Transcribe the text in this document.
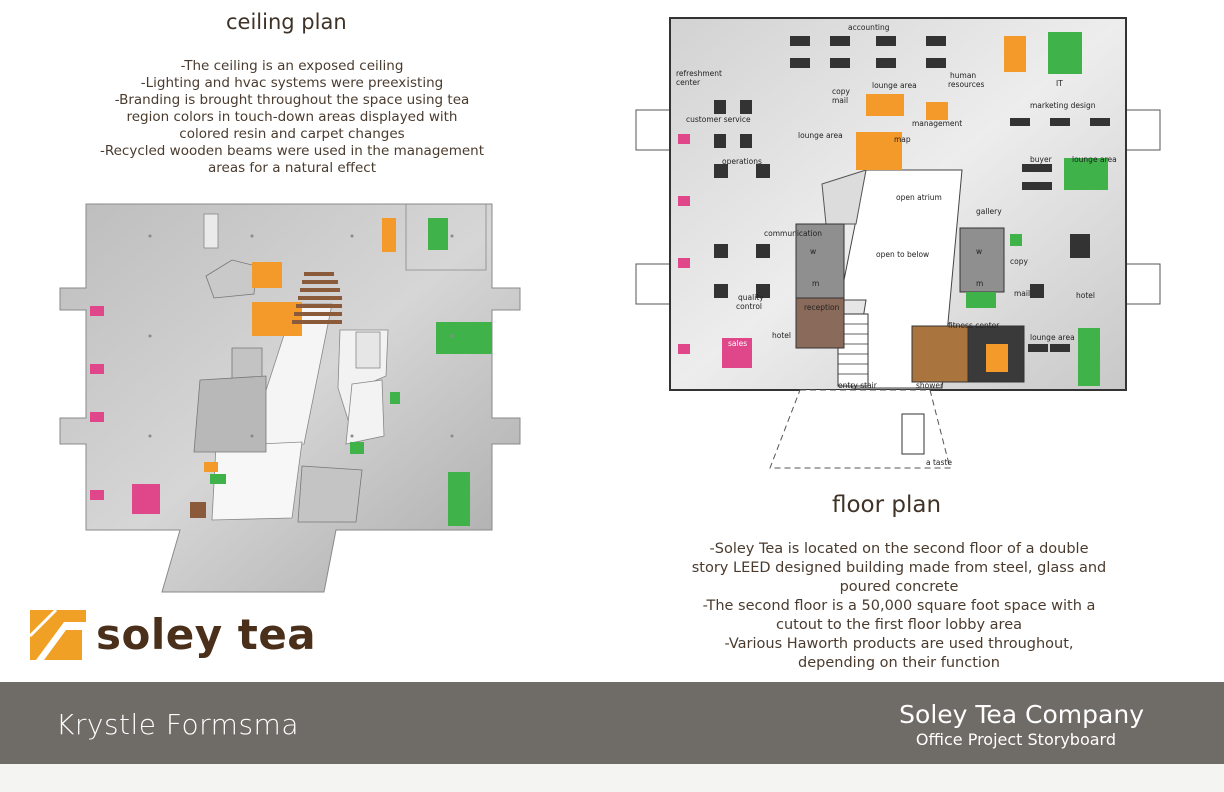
ceiling plan
-The ceiling is an exposed ceiling
-Lighting and hvac systems were preexisting
-Branding is brought throughout the space using tea
region colors in touch-down areas displayed with
colored resin and carpet changes
-Recycled wooden beams were used in the management
areas for a natural effect
soley tea
accounting
refreshment
center
copy
mail
lounge area
human
resources	IT
customer service
lounge area
management
map
marketing design
buyer	lounge area
operations
open atrium
gallery
communication
open to below
copy
mail
quality
control
w
m
w
m
reception
hotel
sales
fitness center
lounge area
hotel
entry stair	shower
a taste
floor plan
-Soley Tea is located on the second floor of a double
story LEED designed building made from steel, glass and
poured concrete
-The second floor is a 50,000 square foot space with a
cutout to the first floor lobby area
-Various Haworth products are used throughout,
depending on their function
Krystle Formsma	Soley Tea Company
Office Project Storyboard
